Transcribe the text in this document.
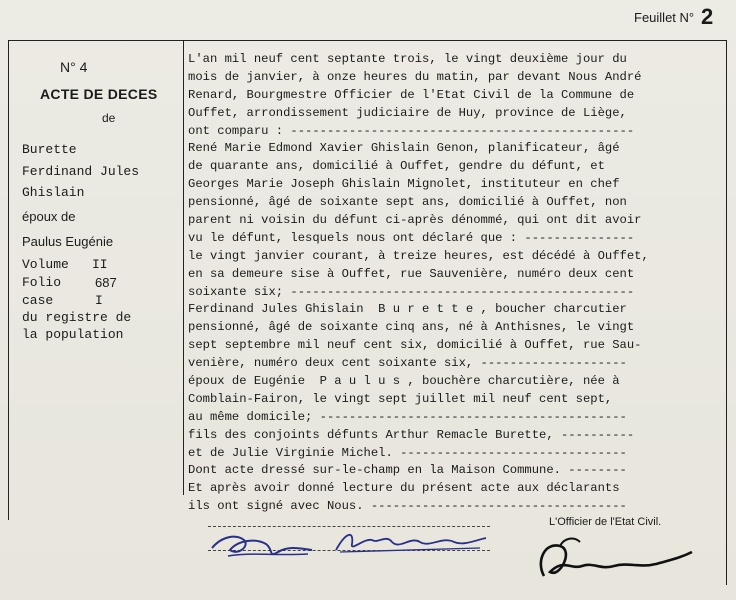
Feuillet N° 2
N° 4
ACTE DE DECES
de
Burette
Ferdinand Jules
Ghislain
époux de
Paulus Eugénie
Volume II
Folio	687
case	I
du registre de
la population
L'an mil neuf cent septante trois, le vingt deuxième jour du
mois de janvier, à onze heures du matin, par devant Nous André
Renard, Bourgmestre Officier de l'Etat Civil de la Commune de
Ouffet, arrondissement judiciaire de Huy, province de Liège,
ont comparu : -----------------------------------------------
René Marie Edmond Xavier Ghislain Genon, planificateur, âgé
de quarante ans, domicilié à Ouffet, gendre du défunt, et
Georges Marie Joseph Ghislain Mignolet, instituteur en chef
pensionné, âgé de soixante sept ans, domicilié à Ouffet, non
parent ni voisin du défunt ci-après dénommé, qui ont dit avoir
vu le défunt, lesquels nous ont déclaré que : ---------------
le vingt janvier courant, à treize heures, est décédé à Ouffet,
en sa demeure sise à Ouffet, rue Sauvenière, numéro deux cent
soixante six; -----------------------------------------------
Ferdinand Jules Ghislain  B u r e t t e , boucher charcutier
pensionné, âgé de soixante cinq ans, né à Anthisnes, le vingt
sept septembre mil neuf cent six, domicilié à Ouffet, rue Sau-
venière, numéro deux cent soixante six, --------------------
époux de Eugénie  P a u l u s , bouchère charcutière, née à
Comblain-Fairon, le vingt sept juillet mil neuf cent sept,
au même domicile; ------------------------------------------
fils des conjoints défunts Arthur Remacle Burette, ----------
et de Julie Virginie Michel. -------------------------------
Dont acte dressé sur-le-champ en la Maison Commune. --------
Et après avoir donné lecture du présent acte aux déclarants
ils ont signé avec Nous. -----------------------------------
L'Officier de l'Etat Civil.
